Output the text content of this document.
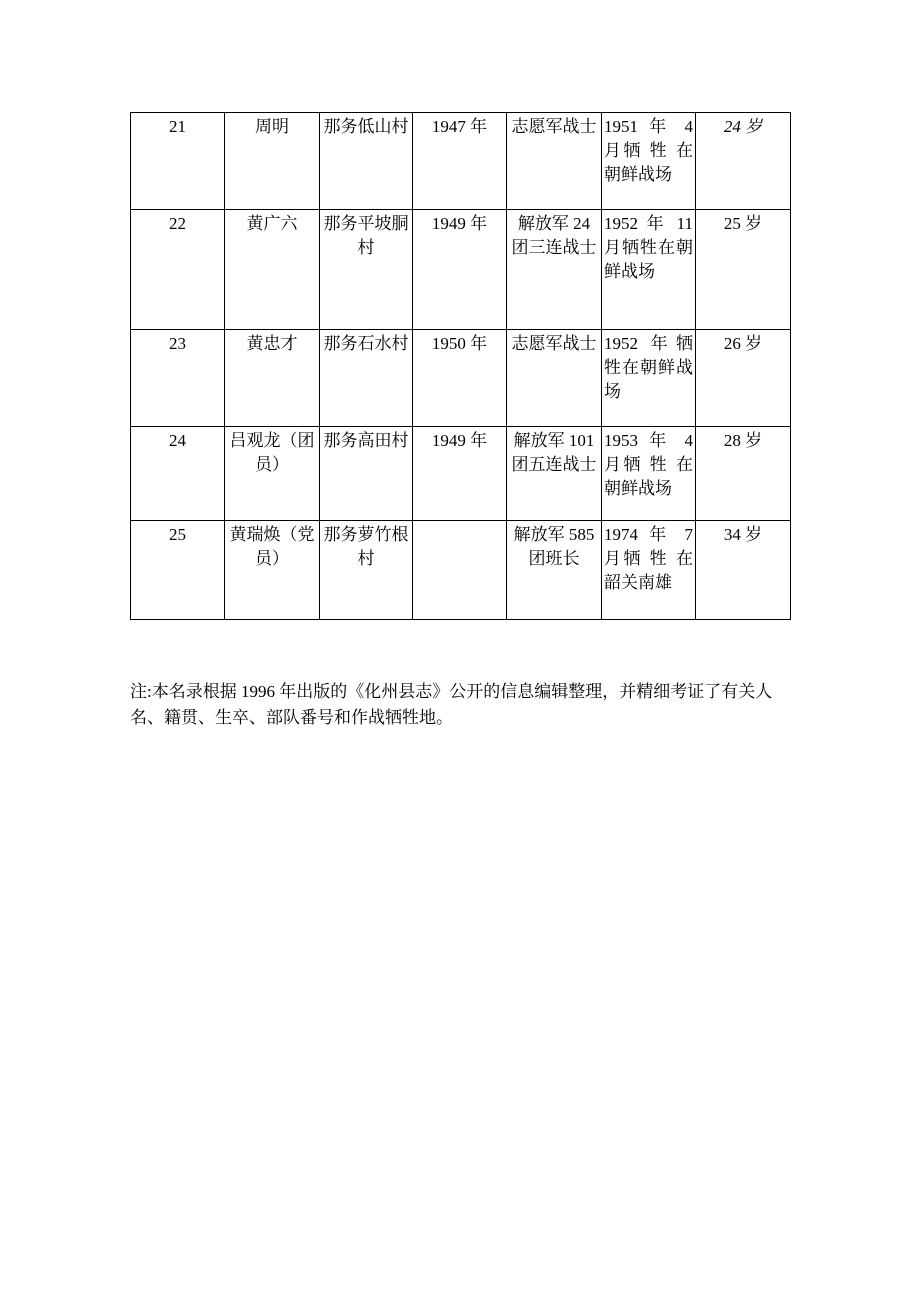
21	周明	那务低山村	1947 年	志愿军战士	1951 年 4 月牺 牲 在 朝鲜战场	24 岁
22	黄广六	那务平坡胴村	1949 年	解放军 24 团三连战士	1952 年 11 月牺牲在朝鲜战场	25 岁
23	黄忠才	那务石水村	1950 年	志愿军战士	1952 年牺牲在朝鲜战场	26 岁
24	吕观龙（团员）	那务高田村	1949 年	解放军 101 团五连战士	1953 年 4 月牺 牲 在 朝鲜战场	28 岁
25	黄瑞焕（党员）	那务萝竹根村		解放军 585 团班长	1974 年 7 月牺 牲 在 韶关南雄	34 岁

注:本名录根据 1996 年出版的《化州县志》公开的信息编辑整理，并精细考证了有关人名、籍贯、生卒、部队番号和作战牺牲地。
